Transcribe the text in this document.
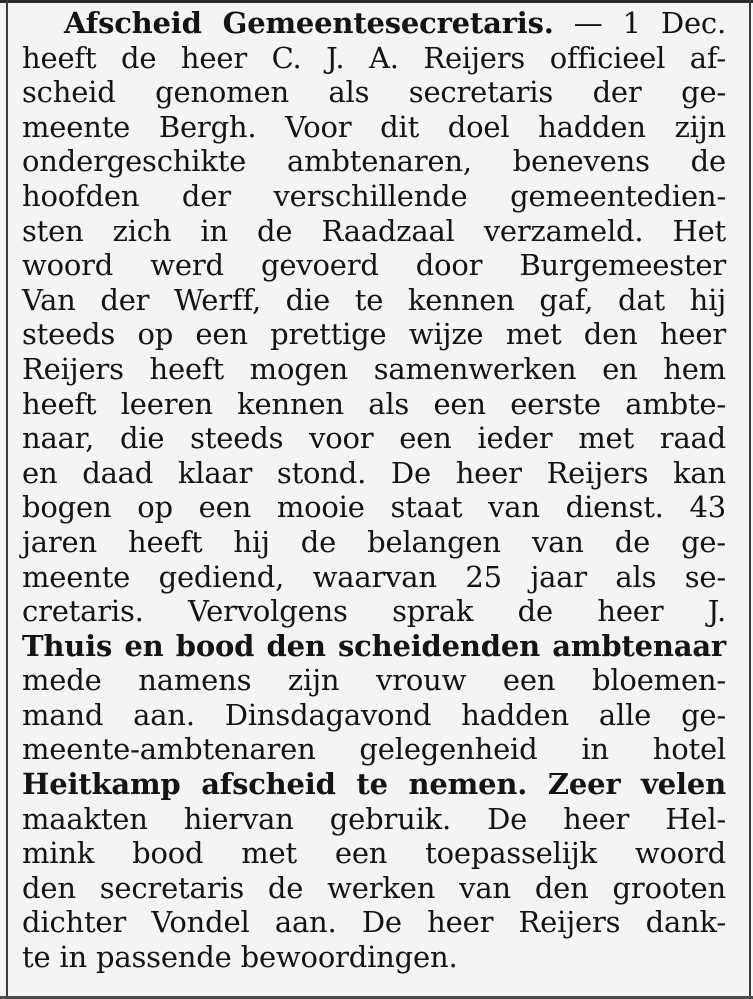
Afscheid Gemeentesecretaris. — 1 Dec.
heeft de heer C. J. A. Reijers officieel af-
scheid genomen als secretaris der ge-
meente Bergh. Voor dit doel hadden zijn
ondergeschikte ambtenaren, benevens de
hoofden der verschillende gemeentedien-
sten zich in de Raadzaal verzameld. Het
woord werd gevoerd door Burgemeester
Van der Werff, die te kennen gaf, dat hij
steeds op een prettige wijze met den heer
Reijers heeft mogen samenwerken en hem
heeft leeren kennen als een eerste ambte-
naar, die steeds voor een ieder met raad
en daad klaar stond. De heer Reijers kan
bogen op een mooie staat van dienst. 43
jaren heeft hij de belangen van de ge-
meente gediend, waarvan 25 jaar als se-
cretaris. Vervolgens sprak de heer J.
Thuis en bood den scheidenden ambtenaar
mede namens zijn vrouw een bloemen-
mand aan. Dinsdagavond hadden alle ge-
meente-ambtenaren gelegenheid in hotel
Heitkamp afscheid te nemen. Zeer velen
maakten hiervan gebruik. De heer Hel-
mink bood met een toepasselijk woord
den secretaris de werken van den grooten
dichter Vondel aan. De heer Reijers dank-
te in passende bewoordingen.
